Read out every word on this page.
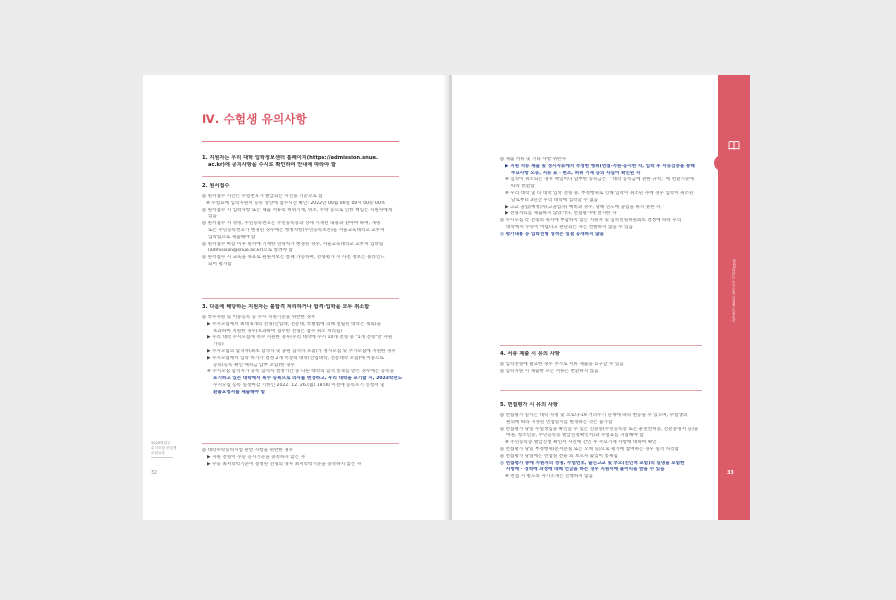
Ⅳ. 수험생 유의사항
1. 지원자는 우리 대학 입학정보센터 홈페이지(https://admission.snue.
ac.kr)에 공지사항을 수시로 확인하여 안내에 따라야 함
2. 원서접수
◎ 원서접수 시간은 수험번호가 발급되는 시간을 기준으로 함
※ 수험표에 입학지원서 등록 상단에 접수시간 확인: 2022년 00월 00일 00시 00분 00초
◎ 원서접수 시 입력사항 또는 제출 서류의 허위기재, 위조, 누락 등으로 인한 책임은 지원자에게
있음
◎ 원서접수 시 성명, 주민등록번호는 주민등록증과 상세 기재된 내용과 같아야 하며, 개명
또는 주민등록번호가 변경된 경우에는 행정사항(주민등록초본)을 서울교육대학교 교무처
입학팀으로 제출해야 함
◎ 원서접수 마감 이후 원서에 기재한 연락처가 변경된 경우, 서울교육대학교 교무처 입학팀
(admission@snue.ac.kr)으로 알려야 함
◎ 원서접수 시 교육을 목표로 원원서보는 통폐 가능하며, 전형평가 시 사전 정보는 블라인드
되어 평가함
3. 다음에 해당하는 지원자는 불합격 처리하거나 합격·입학을 모두 취소함
◎ 특수자원 및 이중등록 등 수시 지원기준을 위반한 경우
▶ 수시모집에서 최대 6개의 전형(산업대, 전문대, 특별법에 의해 설립된 대학은 제외)을
초과하여 지원한 경우(초과하여 접수한 전형은 접수 취소 처리됨)
▶ 우리 대학 수시모집에 복수 지원한 경우(우리 대학에 수시 10개 전형 중 "1개 전형"만 지원
가능)
▶ 수시모집의 합격자(최초 합격자 및 충원 합격자 포함)가 정시모집 및 추가모집에 지원한 경우
▶ 수시모집에서 입학 허가가 결정 2개 이상의 대학(산업대학, 전문대학 포함)에 이중으로
등록(등록 확인 예치금 납부 포함)한 경우
※ 수시모집 합격자가 등록 합격자 결정기간 중 다른 대학의 합격 통보를 받은 경우에는 등록을
포기하고 있는 대학에서 복수 등록으로 의사를 변경하고, 우리 대학을 포기할 시, 2023학년도
수시모집 등록 일정마감 기한인 2022. 12. 26.(월) 18:00 이전에 등록포기 신청서 및
환불요청서를 제출해야 함
◎ 대학수학능력시험 관련 사항을 위반한 경우
▶ 지원 전형이 수능 응시기준을 충족하지 않은 자
▶ 수능 최저학력기준이 설정된 전형의 경우 최저학력기준을 충족하지 않은 자
2023학년도
수시모집 신입생
모집요강
32
◎ 제출 서류 및 기타 사항 위반자
▶ 지원 서류 제출 및 정시자료에서 부정한 행위(면접·지원·응시한 자, 입학 후 서류검증을 통해
주요사항 오류, 서류 표 · 변조, 허위 기재 등의 사실이 확인된 자
※ 입학이 취소되는 경우 책임이나 납부한 등록금은 「대학 등록금에 관한 규칙」에 면환기준에
따라 반환함
※ 우리 대학 및 타 대학 입학 전형 중, 부정행위로 인해 입학이 취소된 자에 경우 입학이 취소된
날로부터 3년간 우리 대학에 입학할 수 없음
▶ 고교 졸업(예정)자(고졸업자) 예비과 경우, 당해 연도에 졸업을 하지 못한 자
▶ 전형자료를 제출하지 않았거나, 면접평가에 결시한 자
◎ 수시모집 각 전형의 취지에 부합하지 않는 지원자 및 입학전형위원회의 결정에 따라 우리
대학에서 수학이 어렵다고 판단되는 자는 선발하지 않을 수 있음
◎ 평가내용 등 입학전형 성적은 일절 공개하지 않음
4. 서류 제출 시 유의 사항
◎ 입학전형에 필요한 경우 추가로 서류 제출을 요구할 수 있음
◎ 입학지원 시 제출한 모든 서류는 반환하지 않음
5. 면접평가 시 유의 사항
◎ 면접평가 일시는 대학 사정 및 코로나-19 거리두기 단계에 따라 변동될 수 있으며, 수험생의
편의에 따라 지정된 면접일시를 변경하는 것은 불가함
◎ 면접평가 당일 수험생임을 확인할 수 있는 신분증(주민등록증 또는 운전면허증, 신분증명서 등)을
여권, 청소년증, 주민등록증 발급신청확인서)과 수험표를 지참해야 함
※ 주민등록증 발급신청 확인서 사진에 간인 후 주요기재 사항에 대하여 확인
◎ 면접평가 당일 부정행위(문서분실 또는 오케 등)으로 평가에 참여하는 경우 실격 처리함
◎ 면접평가 당일에는 면접실 전용 외 보호자 출입이 통제됨
◎ 면접평가 중에 지원자의 성명, 수험번호, 출신고교 및 부모(친인척 포함)의 실명을 포함한
사항에 · 경력에 과정에 대해 언급을 하는 경우 지원서에 불이익을 받을 수 있음
※ 면접 시 별도의 자기소개는 진행하지 않음
2023학년도 수시모집 신입생 모집요강
33
